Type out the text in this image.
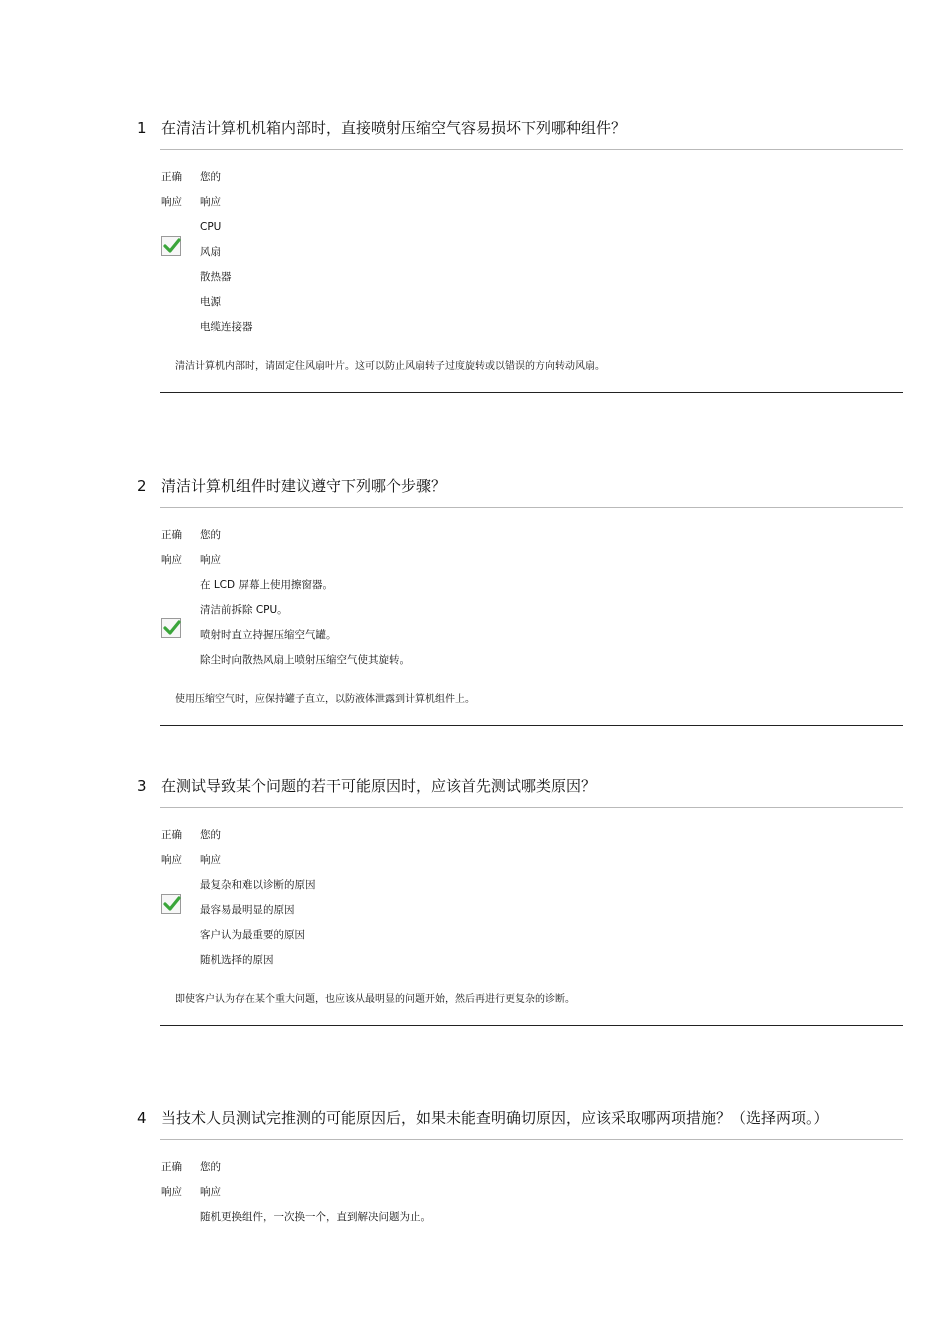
1 在清洁计算机机箱内部时，直接喷射压缩空气容易损坏下列哪种组件？
正确
响应
您的
响应
CPU
风扇
散热器
电源
电缆连接器
清洁计算机内部时，请固定住风扇叶片。这可以防止风扇转子过度旋转或以错误的方向转动风扇。
2 清洁计算机组件时建议遵守下列哪个步骤？
正确
响应
您的
响应
在 LCD 屏幕上使用擦窗器。
清洁前拆除 CPU。
喷射时直立持握压缩空气罐。
除尘时向散热风扇上喷射压缩空气使其旋转。
使用压缩空气时，应保持罐子直立，以防液体泄露到计算机组件上。
3 在测试导致某个问题的若干可能原因时，应该首先测试哪类原因？
正确
响应
您的
响应
最复杂和难以诊断的原因
最容易最明显的原因
客户认为最重要的原因
随机选择的原因
即使客户认为存在某个重大问题，也应该从最明显的问题开始，然后再进行更复杂的诊断。
4 当技术人员测试完推测的可能原因后，如果未能查明确切原因，应该采取哪两项措施？（选择两项。）
正确
响应
您的
响应
随机更换组件，一次换一个，直到解决问题为止。
